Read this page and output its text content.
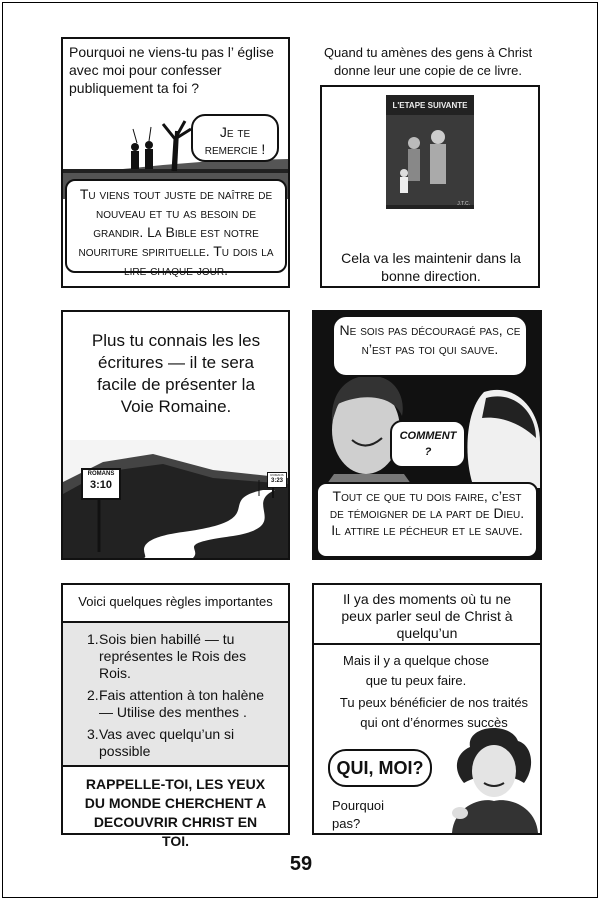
Pourquoi ne viens-tu pas l’ église avec moi pour confesser publiquement ta foi ?
Je te remercie !
Tu viens tout juste de naître de nouveau et tu as besoin de grandir. La Bible est notre nouriture spirituelle. Tu dois la lire chaque jour.
Quand tu amènes des gens à Christ donne leur une copie de ce livre.
L'ETAPE SUIVANTE
J.T.C.
Cela va les maintenir dans la bonne direction.
Plus tu connais les les écritures — il te sera facile de présenter la Voie Romaine.
ROMANS
3:10
ROMANS
3:23
Ne sois pas découragé pas, ce n’est pas toi qui sauve.
COMMENT ?
Tout ce que tu dois faire, c’est de témoigner de la part de Dieu. Il attire le pécheur et le sauve.
Voici quelques règles importantes
1. Sois bien habillé — tu représentes le Rois des Rois.
2. Fais attention à ton halène — Utilise des menthes .
3. Vas avec quelqu’un si possible
RAPPELLE-TOI, LES YEUX DU MONDE CHERCHENT A DECOUVRIR CHRIST EN TOI.
Il ya des moments où tu ne peux parler seul de Christ à quelqu’un
Mais il y a quelque chose que tu peux faire.
Tu peux bénéficier de nos traités qui ont d’énormes succès
QUI, MOI?
Pourquoi pas?
59
